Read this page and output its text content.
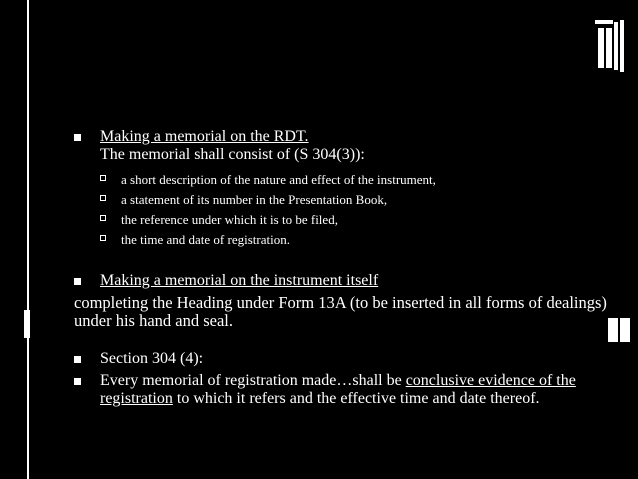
Making a memorial on the RDT.
The memorial shall consist of (S 304(3)):
a short description of the nature and effect of the instrument,
a statement of its number in the Presentation Book,
the reference under which it is to be filed,
the time and date of registration.
Making a memorial on the instrument itself
completing the Heading under Form 13A (to be inserted in all forms of dealings) under his hand and seal.
Section 304 (4):
Every memorial of registration made…shall be conclusive evidence of the registration to which it refers and the effective time and date thereof.
